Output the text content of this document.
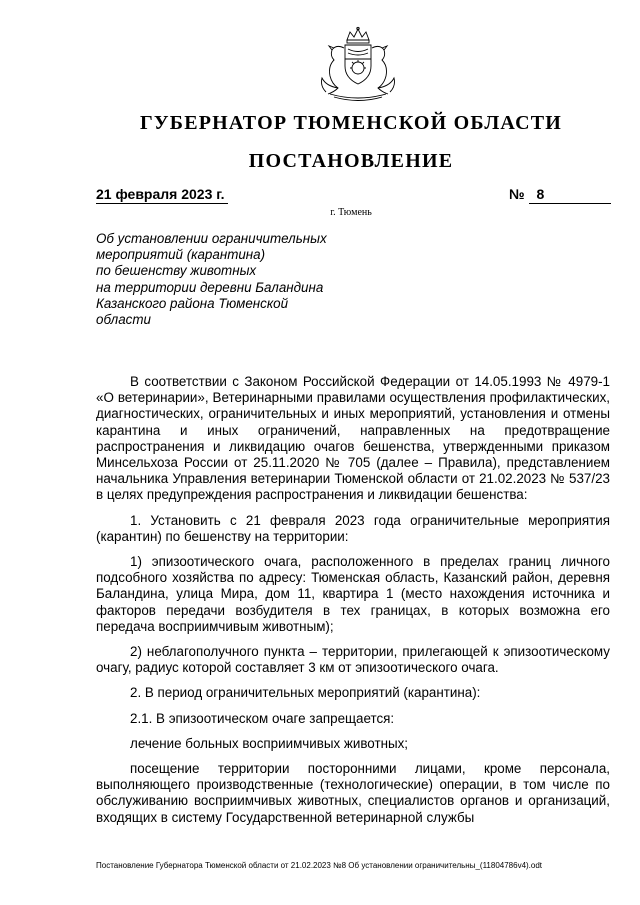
ГУБЕРНАТОР ТЮМЕНСКОЙ ОБЛАСТИ
ПОСТАНОВЛЕНИЕ
21 февраля 2023 г.	№ 8
г. Тюмень
Об установлении ограничительных
мероприятий (карантина)
по бешенству животных
на территории деревни Баландина
Казанского района Тюменской
области

В соответствии с Законом Российской Федерации от 14.05.1993 № 4979-1 «О ветеринарии», Ветеринарными правилами осуществления профилактических, диагностических, ограничительных и иных мероприятий, установления и отмены карантина и иных ограничений, направленных на предотвращение распространения и ликвидацию очагов бешенства, утвержденными приказом Минсельхоза России от 25.11.2020 № 705 (далее – Правила), представлением начальника Управления ветеринарии Тюменской области от 21.02.2023 № 537/23 в целях предупреждения распространения и ликвидации бешенства:

1. Установить с 21 февраля 2023 года ограничительные мероприятия (карантин) по бешенству на территории:

1) эпизоотического очага, расположенного в пределах границ личного подсобного хозяйства по адресу: Тюменская область, Казанский район, деревня Баландина, улица Мира, дом 11, квартира 1 (место нахождения источника и факторов передачи возбудителя в тех границах, в которых возможна его передача восприимчивым животным);

2) неблагополучного пункта – территории, прилегающей к эпизоотическому очагу, радиус которой составляет 3 км от эпизоотического очага.

2. В период ограничительных мероприятий (карантина):

2.1. В эпизоотическом очаге запрещается:

лечение больных восприимчивых животных;

посещение территории посторонними лицами, кроме персонала, выполняющего производственные (технологические) операции, в том числе по обслуживанию восприимчивых животных, специалистов органов и организаций, входящих в систему Государственной ветеринарной службы

Постановление Губернатора Тюменской области от 21.02.2023 №8 Об установлении ограничительны_(11804786v4).odt
